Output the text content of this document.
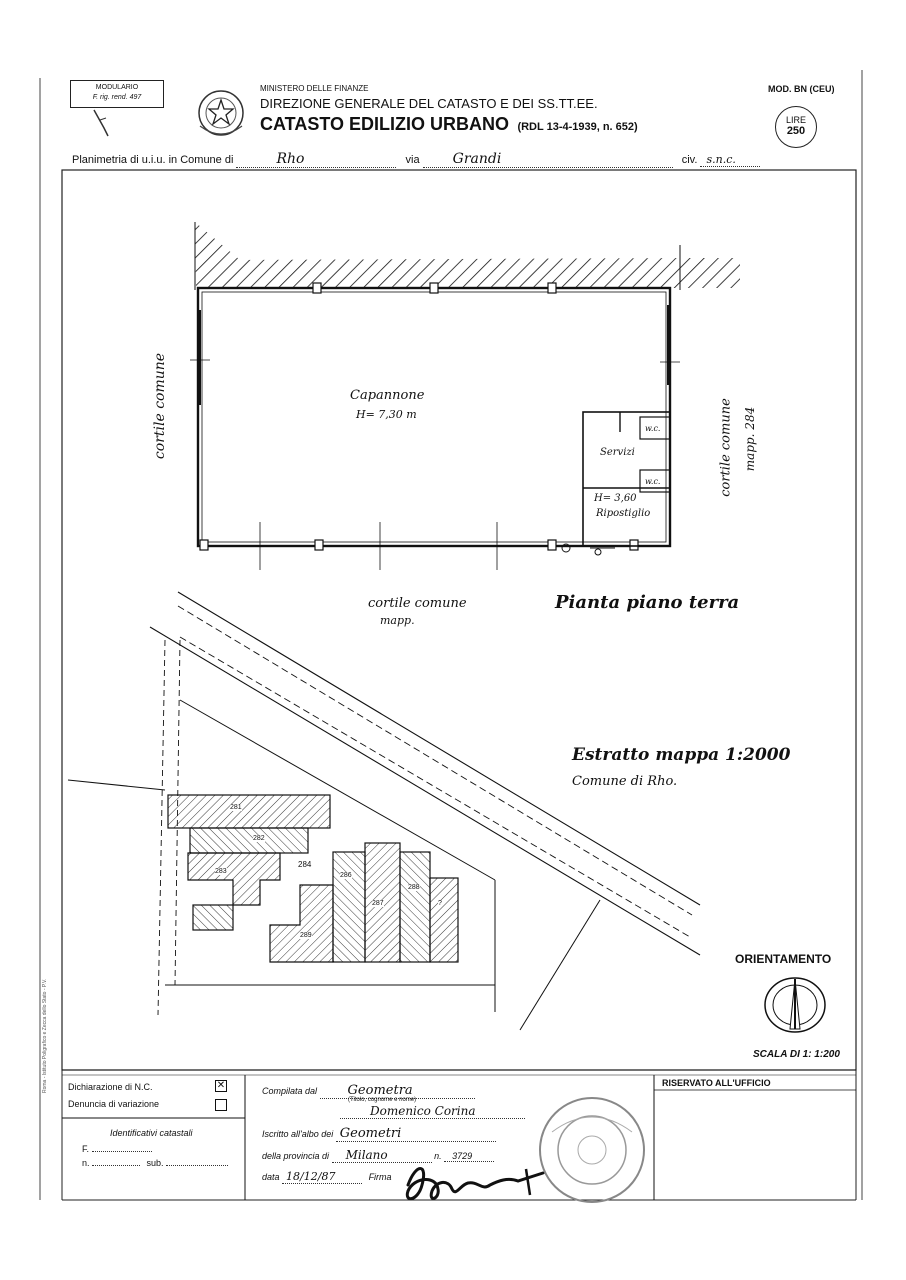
MODULARIO
F. rig. rend. 497
MINISTERO DELLE FINANZE
DIREZIONE GENERALE DEL CATASTO E DEI SS.TT.EE.
CATASTO EDILIZIO URBANO (RDL 13-4-1939, n. 652)
MOD. BN (CEU)
LIRE
250
Planimetria di u.i.u. in Comune di	Rho	via Grandi	civ. s.n.c.
Capannone
H= 7,30 m
Servizi
w.c.
w.c.
H= 3,60
Ripostiglio
cortile comune	cortile comune mapp. 284
cortile comune
mapp.
Pianta piano terra
281
282
283
284
289
286
287
288
?
Estratto mappa 1:2000
Comune di Rho.
ORIENTAMENTO
SCALA DI 1: 1:200
Roma - Istituto Poligrafico e Zecca dello Stato - P.V. Dichiarazione di N.C.	✕
Denuncia di variazione
Identificativi catastali
F.
n.	sub.
Compilata dal Geometra
(Titolo, cognome e nome)
Domenico Corina
Iscritto all'albo dei Geometri
della provincia di Milano	n. 3729
data 18/12/87	Firma
RISERVATO ALL'UFFICIO
